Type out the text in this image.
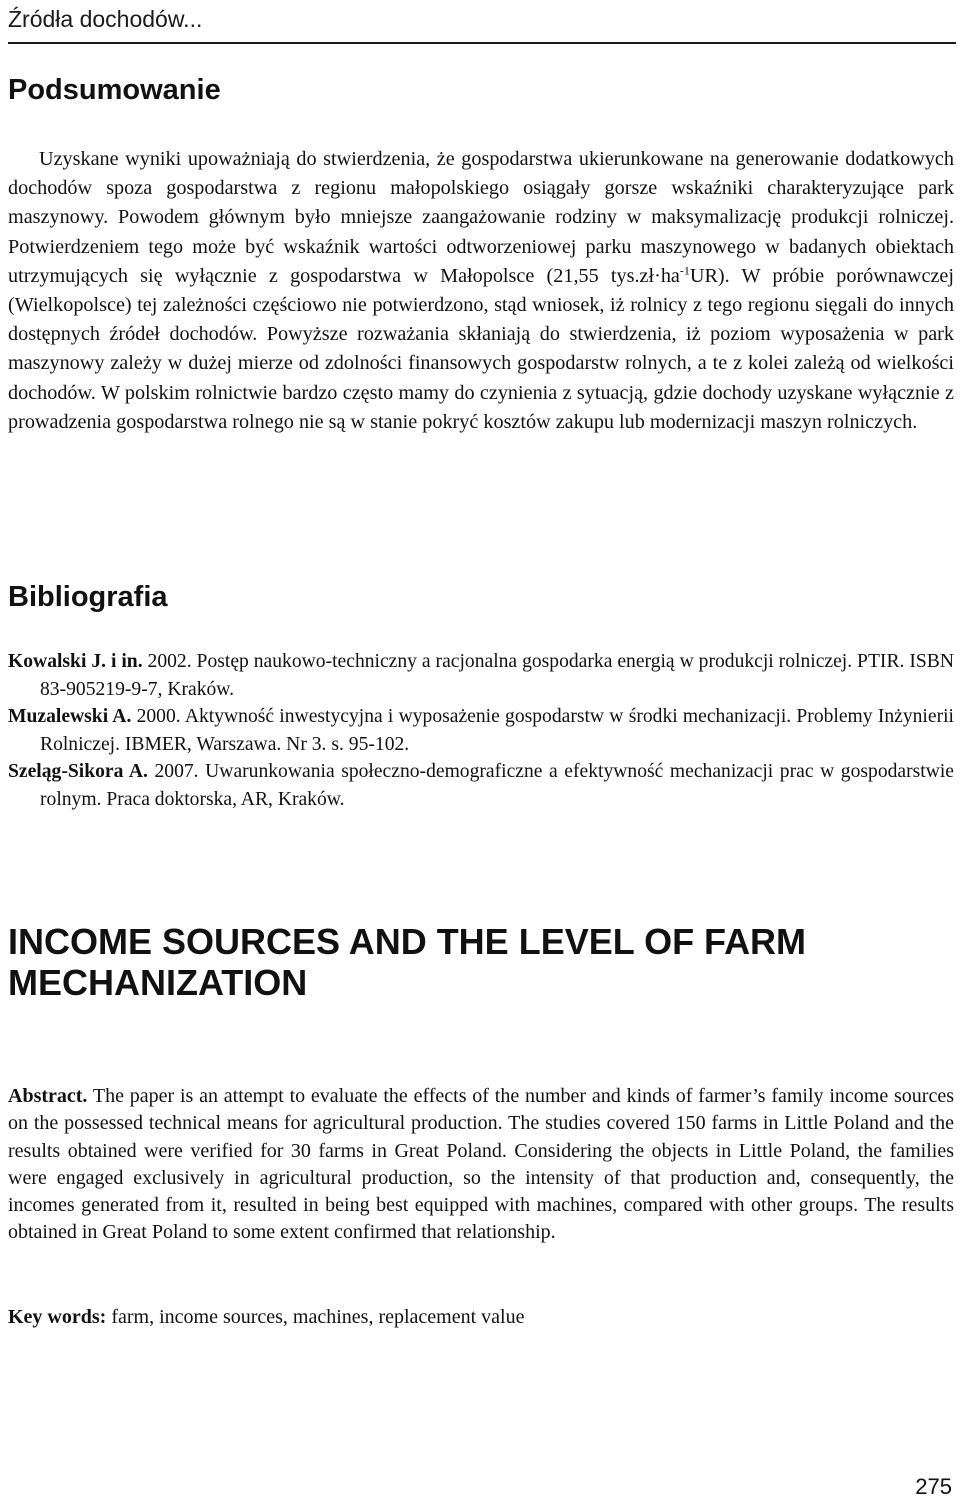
Źródła dochodów...
Podsumowanie

Uzyskane wyniki upoważniają do stwierdzenia, że gospodarstwa ukierunkowane na generowanie dodatkowych dochodów spoza gospodarstwa z regionu małopolskiego osiągały gorsze wskaźniki charakteryzujące park maszynowy. Powodem głównym było mniejsze zaangażowanie rodziny w maksymalizację produkcji rolniczej. Potwierdzeniem tego może być wskaźnik wartości odtworzeniowej parku maszynowego w badanych obiektach utrzymujących się wyłącznie z gospodarstwa w Małopolsce (21,55 $tys.zł\cdot ha^{-1}UR$). W próbie porównawczej (Wielkopolsce) tej zależności częściowo nie potwierdzono, stąd wniosek, iż rolnicy z tego regionu sięgali do innych dostępnych źródeł dochodów. Powyższe rozważania skłaniają do stwierdzenia, iż poziom wyposażenia w park maszynowy zależy w dużej mierze od zdolności finansowych gospodarstw rolnych, a te z kolei zależą od wielkości dochodów. W polskim rolnictwie bardzo często mamy do czynienia z sytuacją, gdzie dochody uzyskane wyłącznie z prowadzenia gospodarstwa rolnego nie są w stanie pokryć kosztów zakupu lub modernizacji maszyn rolniczych.

Bibliografia

Kowalski J. i in. 2002. Postęp naukowo-techniczny a racjonalna gospodarka energią w produkcji rolniczej. PTIR. ISBN 83-905219-9-7, Kraków.

Muzalewski A. 2000. Aktywność inwestycyjna i wyposażenie gospodarstw w środki mechanizacji. Problemy Inżynierii Rolniczej. IBMER, Warszawa. Nr 3. s. 95-102.

Szeląg-Sikora A. 2007. Uwarunkowania społeczno-demograficzne a efektywność mechanizacji prac w gospodarstwie rolnym. Praca doktorska, AR, Kraków.

INCOME SOURCES AND THE LEVEL OF FARM MECHANIZATION

Abstract. The paper is an attempt to evaluate the effects of the number and kinds of farmer’s family income sources on the possessed technical means for agricultural production. The studies covered 150 farms in Little Poland and the results obtained were verified for 30 farms in Great Poland. Considering the objects in Little Poland, the families were engaged exclusively in agricultural production, so the intensity of that production and, consequently, the incomes generated from it, resulted in being best equipped with machines, compared with other groups. The results obtained in Great Poland to some extent confirmed that relationship.

Key words: farm, income sources, machines, replacement value

275
